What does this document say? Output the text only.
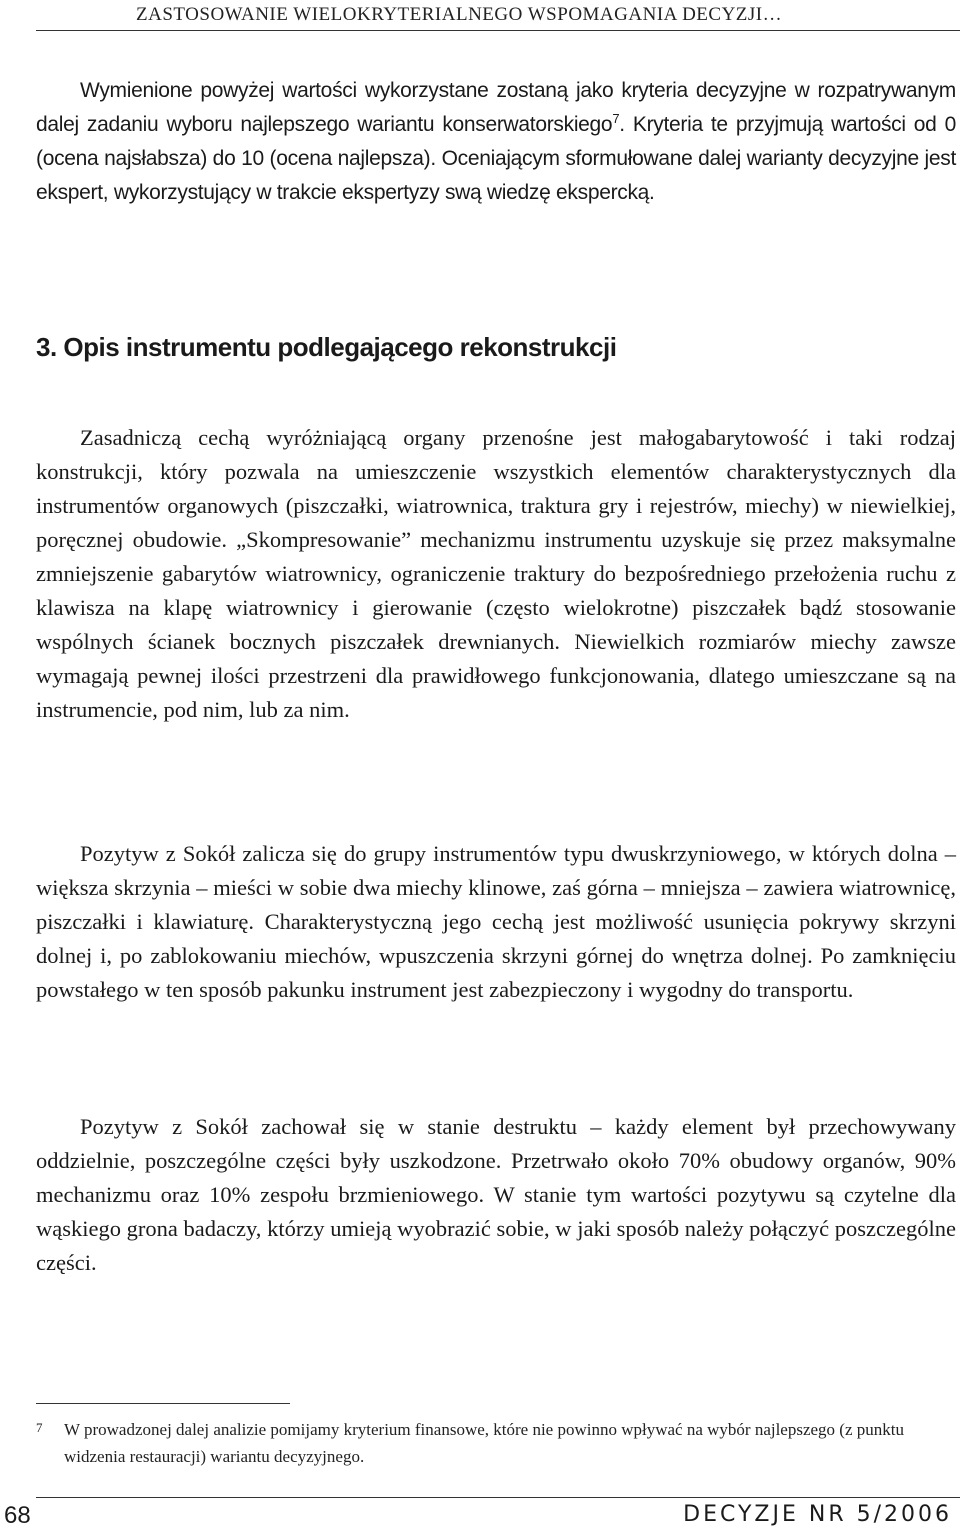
ZASTOSOWANIE WIELOKRYTERIALNEGO WSPOMAGANIA DECYZJI…

Wymienione powyżej wartości wykorzystane zostaną jako kryteria decyzyjne w rozpatrywanym dalej zadaniu wyboru najlepszego wariantu konserwatorskiego$^7$. Kryteria te przyjmują wartości od 0 (ocena najsłabsza) do 10 (ocena najlepsza). Oceniającym sformułowane dalej warianty decyzyjne jest ekspert, wykorzystujący w trakcie ekspertyzy swą wiedzę ekspercką.

3. Opis instrumentu podlegającego rekonstrukcji

Zasadniczą cechą wyróżniającą organy przenośne jest małogabarytowość i taki rodzaj konstrukcji, który pozwala na umieszczenie wszystkich elementów charakterystycznych dla instrumentów organowych (piszczałki, wiatrownica, traktura gry i rejestrów, miechy) w niewielkiej, poręcznej obudowie. „Skompresowanie” mechanizmu instrumentu uzyskuje się przez maksymalne zmniejszenie gabarytów wiatrownicy, ograniczenie traktury do bezpośredniego przełożenia ruchu z klawisza na klapę wiatrownicy i gierowanie (często wielokrotne) piszczałek bądź stosowanie wspólnych ścianek bocznych piszczałek drewnianych. Niewielkich rozmiarów miechy zawsze wymagają pewnej ilości przestrzeni dla prawidłowego funkcjonowania, dlatego umieszczane są na instrumencie, pod nim, lub za nim.

Pozytyw z Sokół zalicza się do grupy instrumentów typu dwuskrzyniowego, w których dolna – większa skrzynia – mieści w sobie dwa miechy klinowe, zaś górna – mniejsza – zawiera wiatrownicę, piszczałki i klawiaturę. Charakterystyczną jego cechą jest możliwość usunięcia pokrywy skrzyni dolnej i, po zablokowaniu miechów, wpuszczenia skrzyni górnej do wnętrza dolnej. Po zamknięciu powstałego w ten sposób pakunku instrument jest zabezpieczony i wygodny do transportu.

Pozytyw z Sokół zachował się w stanie destruktu – każdy element był przechowywany oddzielnie, poszczególne części były uszkodzone. Przetrwało około 70% obudowy organów, 90% mechanizmu oraz 10% zespołu brzmieniowego. W stanie tym wartości pozytywu są czytelne dla wąskiego grona badaczy, którzy umieją wyobrazić sobie, w jaki sposób należy połączyć poszczególne części.

7 W prowadzonej dalej analizie pomijamy kryterium finansowe, które nie powinno wpływać na wybór najlepszego (z punktu widzenia restauracji) wariantu decyzyjnego.

68	DECYZJE NR 5/2006
